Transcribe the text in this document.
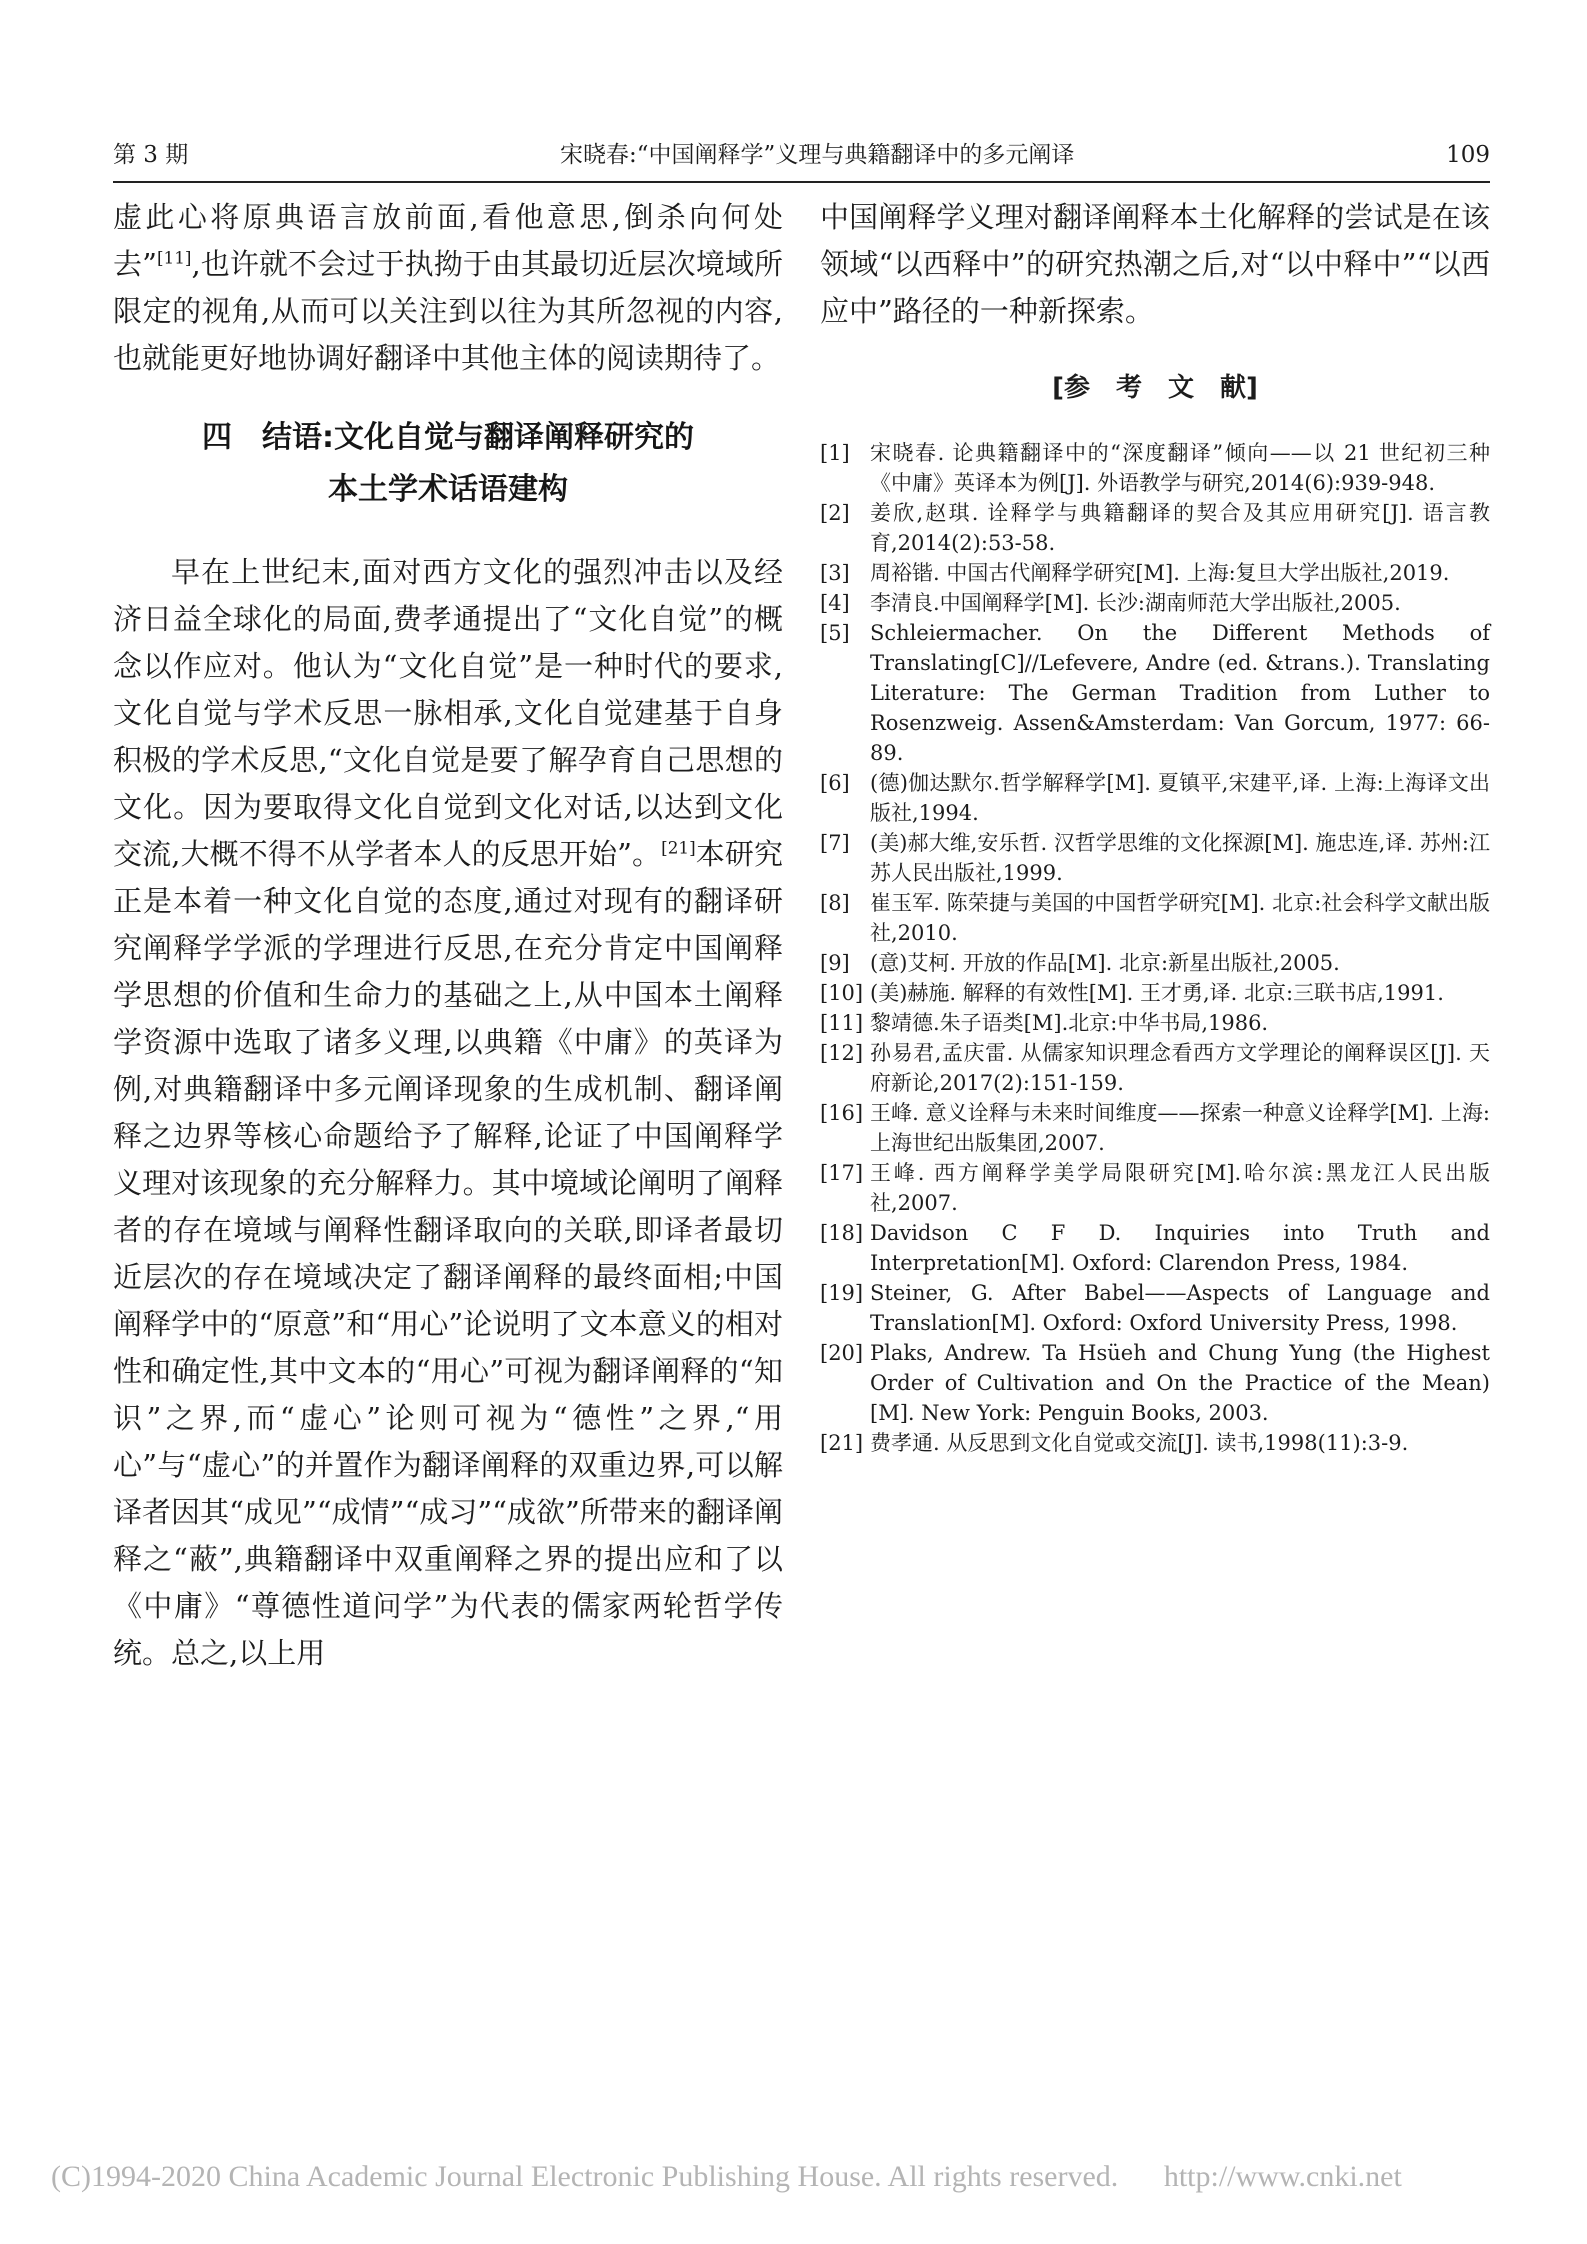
第 3 期	宋晓春:“中国阐释学”义理与典籍翻译中的多元阐译	109

虚此心将原典语言放前面,看他意思,倒杀向何处去”[11],也许就不会过于执拗于由其最切近层次境域所限定的视角,从而可以关注到以往为其所忽视的内容,也就能更好地协调好翻译中其他主体的阅读期待了。

四　结语:文化自觉与翻译阐释研究的
本土学术话语建构

早在上世纪末,面对西方文化的强烈冲击以及经济日益全球化的局面,费孝通提出了“文化自觉”的概念以作应对。他认为“文化自觉”是一种时代的要求,文化自觉与学术反思一脉相承,文化自觉建基于自身积极的学术反思,“文化自觉是要了解孕育自己思想的文化。因为要取得文化自觉到文化对话,以达到文化交流,大概不得不从学者本人的反思开始”。[21]本研究正是本着一种文化自觉的态度,通过对现有的翻译研究阐释学学派的学理进行反思,在充分肯定中国阐释学思想的价值和生命力的基础之上,从中国本土阐释学资源中选取了诸多义理,以典籍《中庸》的英译为例,对典籍翻译中多元阐译现象的生成机制、翻译阐释之边界等核心命题给予了解释,论证了中国阐释学义理对该现象的充分解释力。其中境域论阐明了阐释者的存在境域与阐释性翻译取向的关联,即译者最切近层次的存在境域决定了翻译阐释的最终面相;中国阐释学中的“原意”和“用心”论说明了文本意义的相对性和确定性,其中文本的“用心”可视为翻译阐释的“知识”之界,而“虚心”论则可视为“德性”之界,“用心”与“虚心”的并置作为翻译阐释的双重边界,可以解译者因其“成见”“成情”“成习”“成欲”所带来的翻译阐释之“蔽”,典籍翻译中双重阐释之界的提出应和了以《中庸》“尊德性道问学”为代表的儒家两轮哲学传统。总之,以上用

中国阐释学义理对翻译阐释本土化解释的尝试是在该领域“以西释中”的研究热潮之后,对“以中释中”“以西应中”路径的一种新探索。

[参　考　文　献]
[1] 宋晓春. 论典籍翻译中的“深度翻译”倾向——以 21 世纪初三种《中庸》英译本为例[J]. 外语教学与研究,2014(6):939-948.
[2] 姜欣,赵琪. 诠释学与典籍翻译的契合及其应用研究[J]. 语言教育,2014(2):53-58.
[3] 周裕锴. 中国古代阐释学研究[M]. 上海:复旦大学出版社,2019.
[4] 李清良.中国阐释学[M]. 长沙:湖南师范大学出版社,2005.
[5] Schleiermacher. On the Different Methods of Translating[C]//Lefevere, Andre (ed. &trans.). Translating Literature: The German Tradition from Luther to Rosenzweig. Assen&Amsterdam: Van Gorcum, 1977: 66-89.
[6] (德)伽达默尔.哲学解释学[M]. 夏镇平,宋建平,译. 上海:上海译文出版社,1994.
[7] (美)郝大维,安乐哲. 汉哲学思维的文化探源[M]. 施忠连,译. 苏州:江苏人民出版社,1999.
[8] 崔玉军. 陈荣捷与美国的中国哲学研究[M]. 北京:社会科学文献出版社,2010.
[9] (意)艾柯. 开放的作品[M]. 北京:新星出版社,2005.
[10] (美)赫施. 解释的有效性[M]. 王才勇,译. 北京:三联书店,1991.
[11] 黎靖德.朱子语类[M].北京:中华书局,1986.
[12] 孙易君,孟庆雷. 从儒家知识理念看西方文学理论的阐释误区[J]. 天府新论,2017(2):151-159.
[16] 王峰. 意义诠释与未来时间维度——探索一种意义诠释学[M]. 上海:上海世纪出版集团,2007.
[17] 王峰. 西方阐释学美学局限研究[M].哈尔滨:黑龙江人民出版社,2007.
[18] Davidson C F D. Inquiries into Truth and Interpretation[M]. Oxford: Clarendon Press, 1984.
[19] Steiner, G. After Babel——Aspects of Language and Translation[M]. Oxford: Oxford University Press, 1998.
[20] Plaks, Andrew. Ta Hsüeh and Chung Yung (the Highest Order of Cultivation and On the Practice of the Mean)[M]. New York: Penguin Books, 2003.
[21] 费孝通. 从反思到文化自觉或交流[J]. 读书,1998(11):3-9.
(C)1994-2020 China Academic Journal Electronic Publishing House. All rights reserved. http://www.cnki.net
